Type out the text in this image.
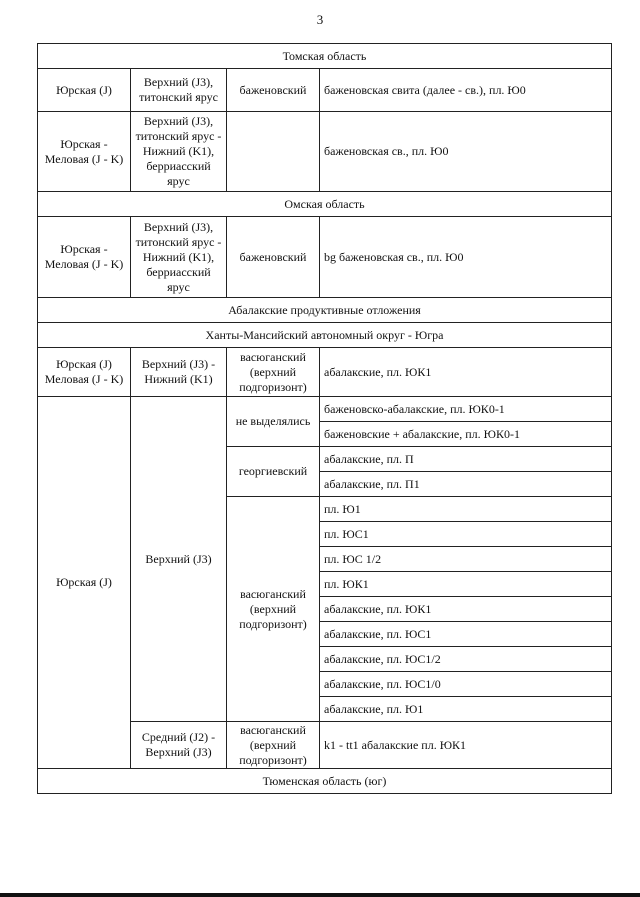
3
Томская область			
Юрская (J)	Верхний (J3), титонский ярус	баженовский	баженовская свита (далее - св.), пл. Ю0
Юрская - Меловая (J - K)	Верхний (J3), титонский ярус - Нижний (K1), берриасский ярус		баженовская св., пл. Ю0
Омская область			
Юрская - Меловая (J - K)	Верхний (J3), титонский ярус - Нижний (K1), берриасский ярус	баженовский	bg баженовская св., пл. Ю0
Абалакские продуктивные отложения			
Ханты-Мансийский автономный округ - Югра			
Юрская (J) Меловая (J - K)	Верхний (J3) - Нижний (K1)	васюганский (верхний подгоризонт)	абалакские, пл. ЮК1
Юрская (J)	Верхний (J3)	не выделялись	баженовско-абалакские, пл. ЮК0-1
			баженовские + абалакские, пл. ЮК0-1
		георгиевский	абалакские, пл. П
			абалакские, пл. П1
		васюганский (верхний подгоризонт)	пл. Ю1
			пл. ЮС1
			пл. ЮС 1/2
			пл. ЮК1
			абалакские, пл. ЮК1
			абалакские, пл. ЮС1
			абалакские, пл. ЮС1/2
			абалакские, пл. ЮС1/0
			абалакские, пл. Ю1
	Средний (J2) - Верхний (J3)	васюганский (верхний подгоризонт)	k1 - tt1 абалакские пл. ЮК1
Тюменская область (юг)			
